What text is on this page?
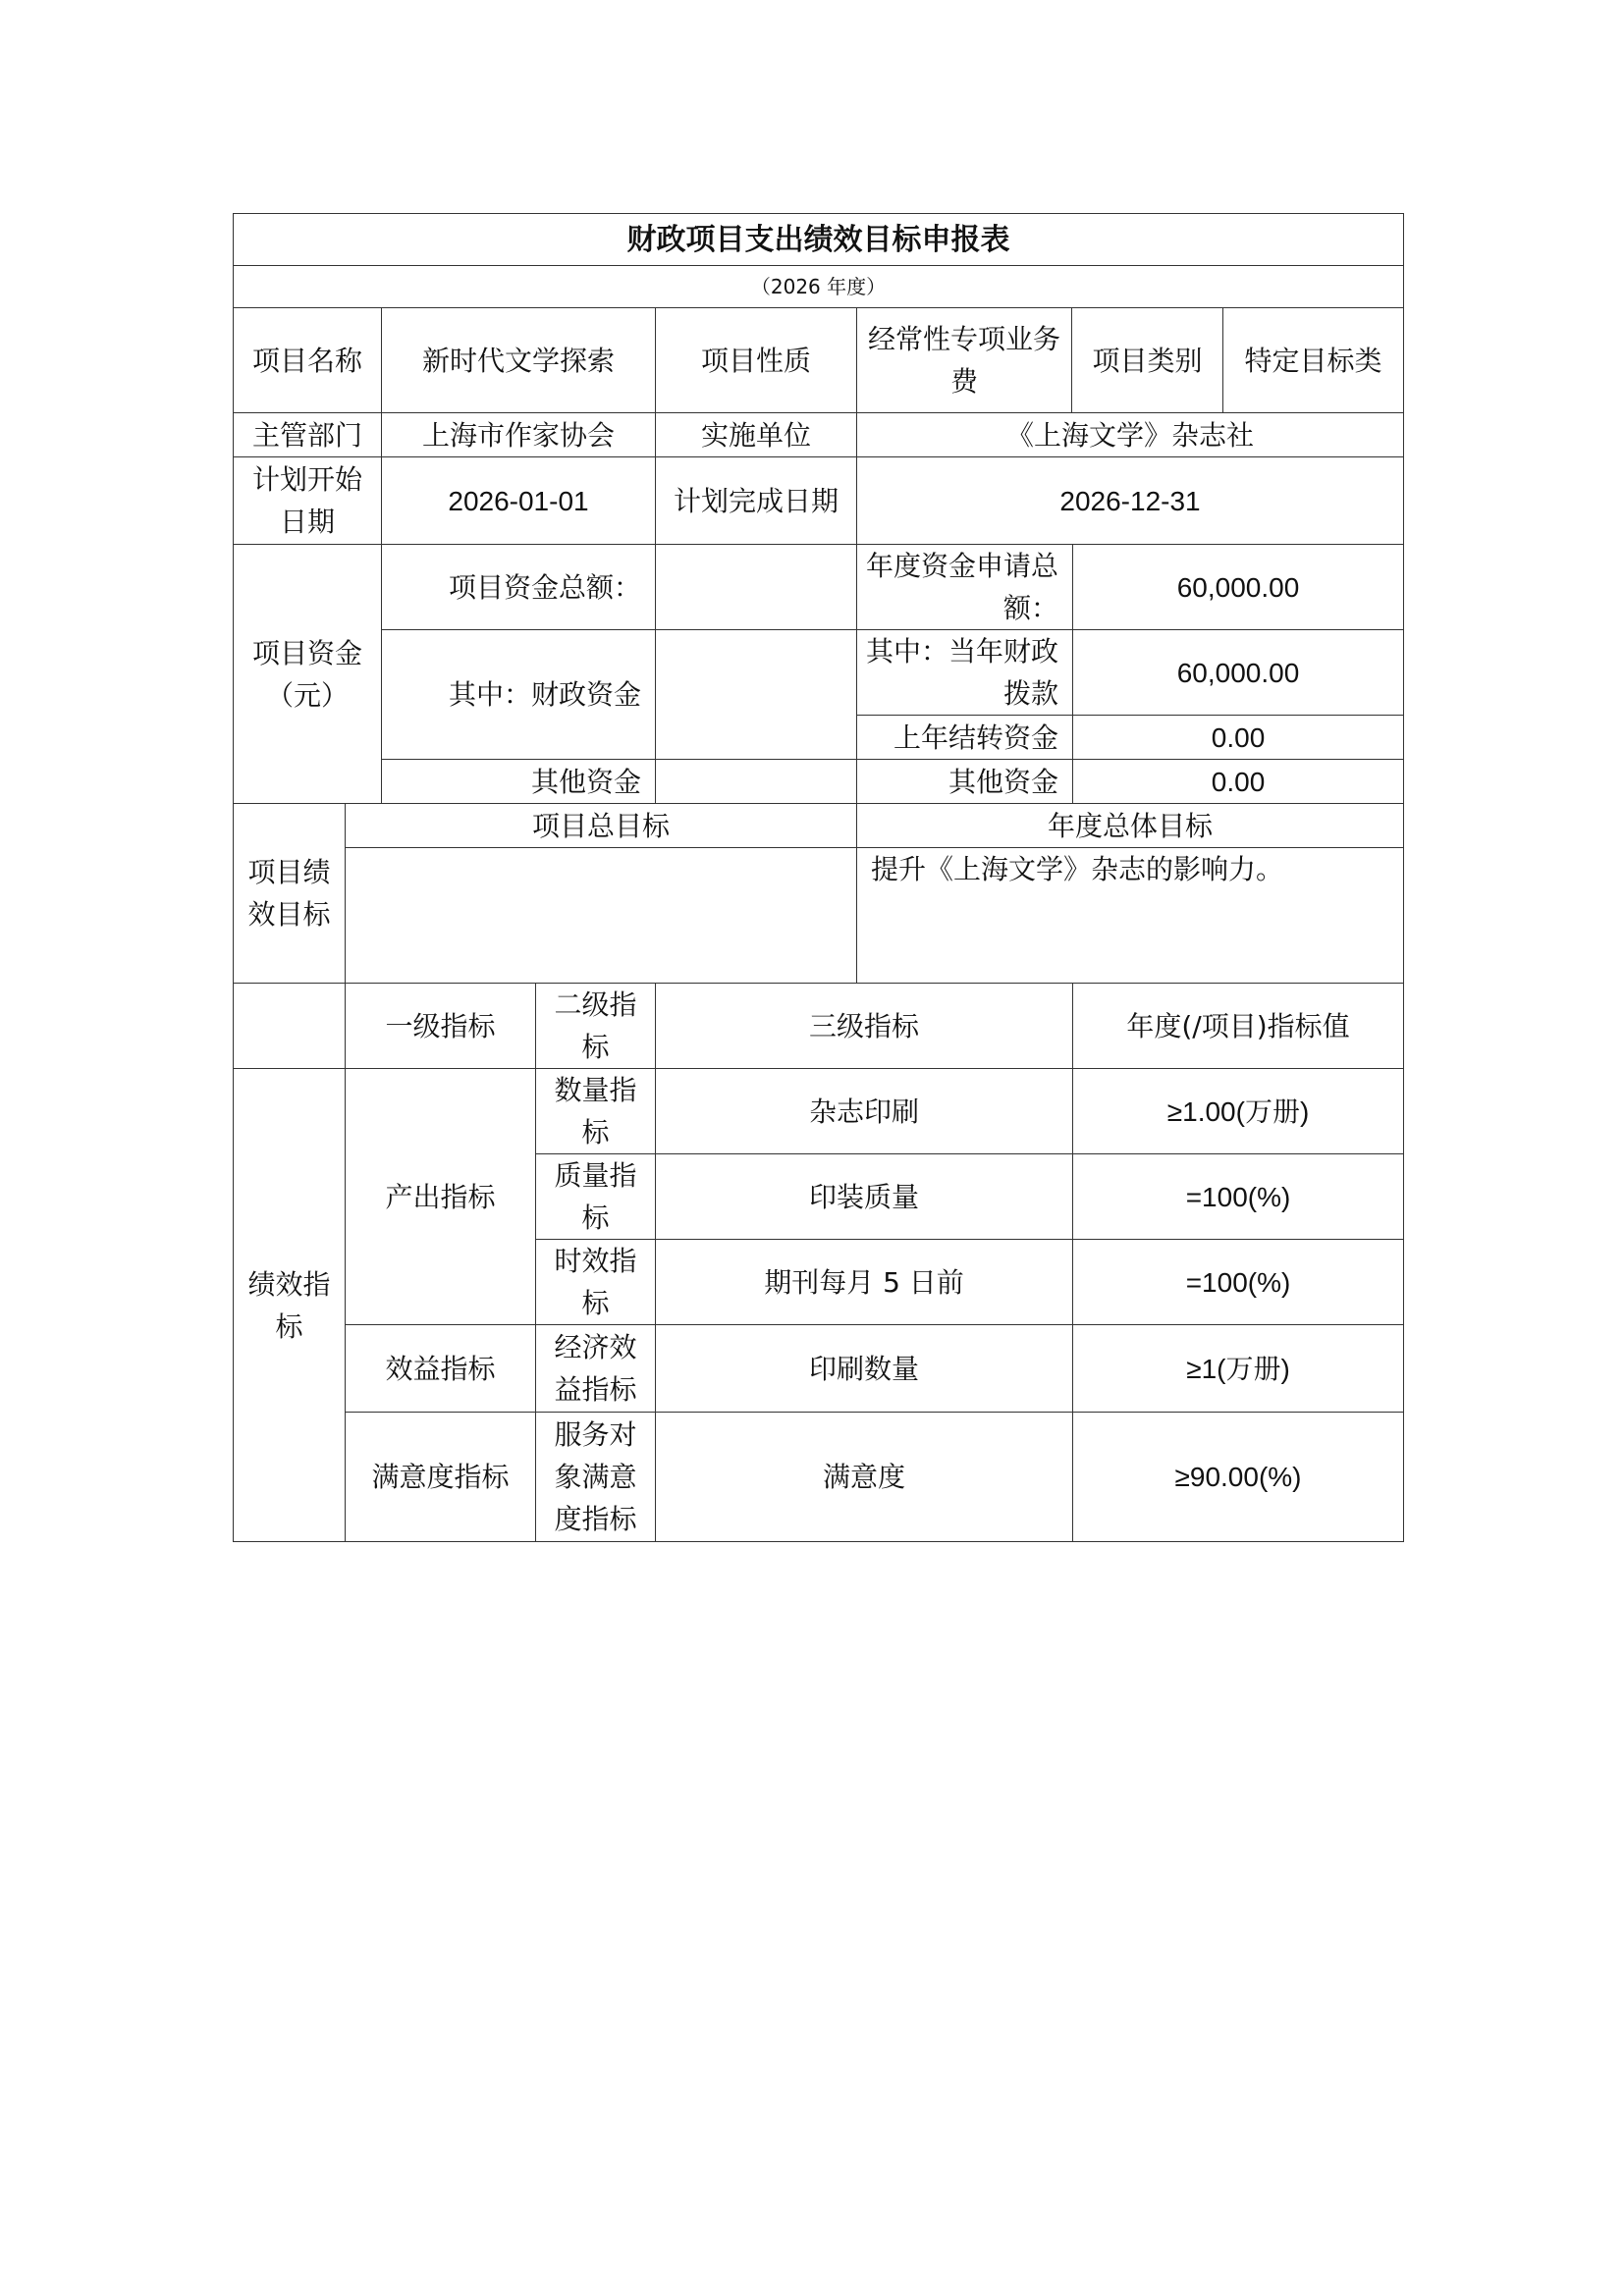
财政项目支出绩效目标申报表							
（2026 年度）							
项目名称		新时代文学探索		项目性质	经常性专项业务费	项目类别	特定目标类
主管部门		上海市作家协会		实施单位	《上海文学》杂志社		
计划开始日期		2026-01-01		计划完成日期	2026-12-31		
项目资金（元）		项目资金总额：			年度资金申请总额：	60,000.00	
		其中：财政资金			其中：当年财政拨款	60,000.00	
					上年结转资金	0.00	
		其他资金			其他资金	0.00	
项目绩效目标	项目总目标				年度总体目标		
					提升《上海文学》杂志的影响力。		
	一级指标		二级指标	三级指标		年度(/项目)指标值	
绩效指标	产出指标		数量指标	杂志印刷		≥1.00(万册)	
			质量指标	印装质量		=100(%)	
			时效指标	期刊每月 5 日前		=100(%)	
	效益指标		经济效益指标	印刷数量		≥1(万册)	
	满意度指标		服务对象满意度指标	满意度		≥90.00(%)	
